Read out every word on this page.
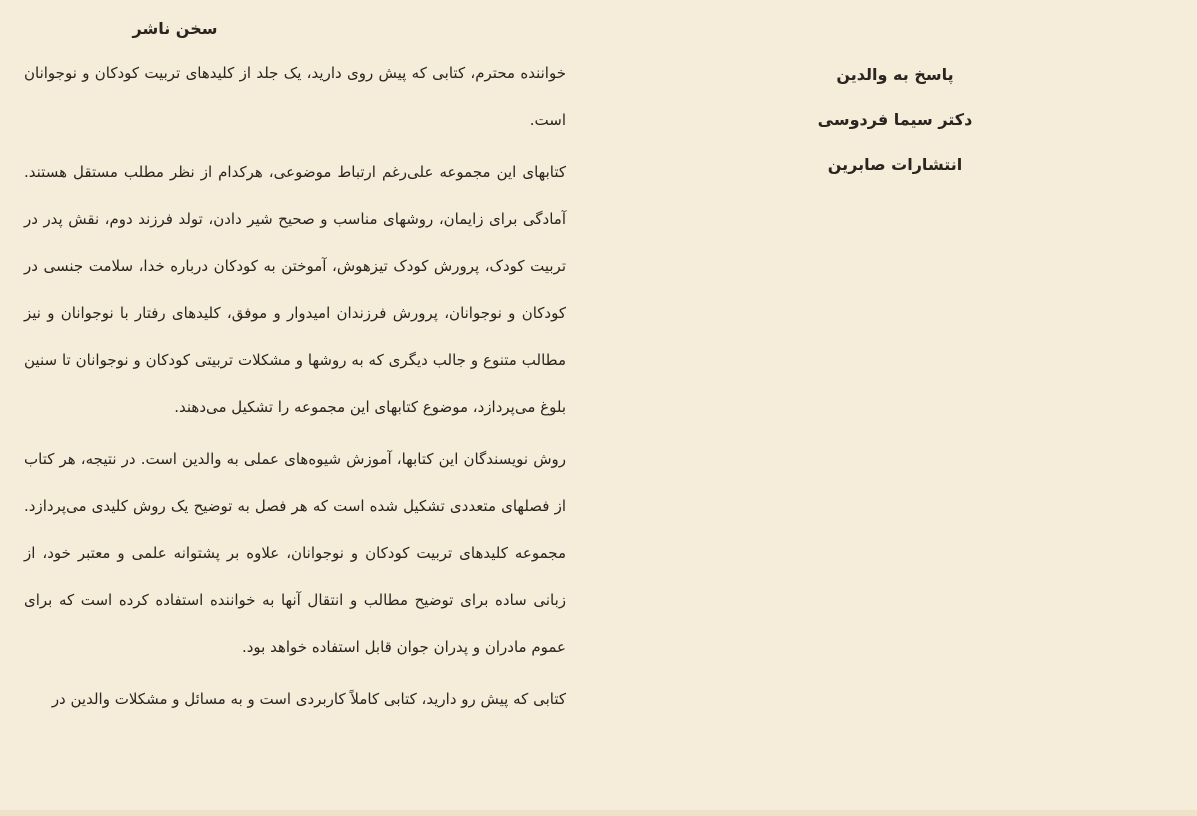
پاسخ به والدین
دکتر سیما فردوسی
انتشارات صابرین
سخن ناشر

خواننده محترم، کتابی که پیش روی دارید، یک جلد از کلیدهای تربیت کودکان و نوجوانان است.

کتابهای این مجموعه علی‌رغم ارتباط موضوعی، هرکدام از نظر مطلب مستقل هستند. آمادگی برای زایمان، روشهای مناسب و صحیح شیر دادن، تولد فرزند دوم، نقش پدر در تربیت کودک، پرورش کودک تیزهوش، آموختن به کودکان درباره خدا، سلامت جنسی در کودکان و نوجوانان، پرورش فرزندان امیدوار و موفق، کلیدهای رفتار با نوجوانان و نیز مطالب متنوع و جالب دیگری که به روشها و مشکلات تربیتی کودکان و نوجوانان تا سنین بلوغ می‌پردازد، موضوع کتابهای این مجموعه را تشکیل می‌دهند.

روش نویسندگان این کتابها، آموزش شیوه‌های عملی به والدین است. در نتیجه، هر کتاب از فصلهای متعددی تشکیل شده است که هر فصل به توضیح یک روش کلیدی می‌پردازد. مجموعه کلیدهای تربیت کودکان و نوجوانان، علاوه بر پشتوانه علمی و معتبر خود، از زبانی ساده برای توضیح مطالب و انتقال آنها به خواننده استفاده کرده است که برای عموم مادران و پدران جوان قابل استفاده خواهد بود.

کتابی که پیش رو دارید، کتابی کاملاً کاربردی است و به مسائل و مشکلات والدین در
